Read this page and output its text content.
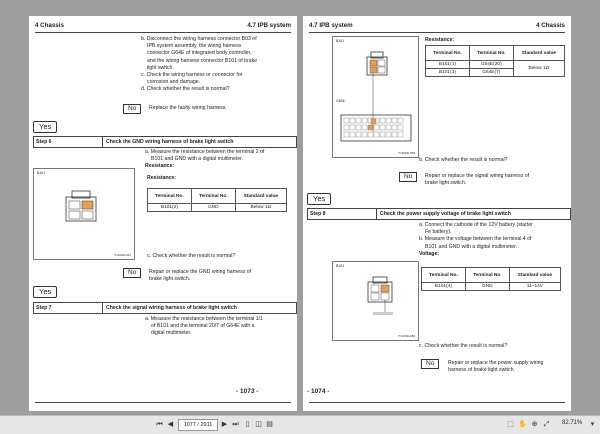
4 Chassis	4.7 IPB system

b. Disconnect the wiring harness connector B03 of

IPB system assembly, the wiring harness

connector G64E of integrated body controller,

and the wiring harness connector B101 of brake

light switch.

c. Check the wiring harness or connector for

corrosion and damage.

d. Check whether the result is normal?

No	Replace the faulty wiring harness.
Yes
Step 6	Check the GND wiring harness of brake light switch

a. Measure the resistance between the terminal 2 of

B101 and GND with a digital multimeter.

Resistance:

B101
T=4001H.B1
Resistance:
Terminal No.	Terminal No.	Standard value
B101(2)	GND	Below 1Ω
c. Check whether the result is normal?
No	Repair or replace the GND wiring harness of

brake light switch.

Yes
Step 7	Check the signal wiring harness of brake light switch

a. Measure the resistance between the terminal 1/1

of B101 and the terminal 20/7 of G64E with a

digital multimeter.

- 1073 -
4.7 IPB system	4 Chassis
B101
G64E
T=4001H.B2
Resistance:
Terminal No.	Terminal No.	Standard value
B101(1)	G64E(20)	Below 1Ω
B101(3)	G64E(7)	
b. Check whether the result is normal?
No	Repair or replace the signal wiring harness of

brake light switch.

Yes
Step 8	Check the power supply voltage of brake light switch

a. Connect the cathode of the 12V battery (starter

Fe battery).

b. Measure the voltage between the terminal 4 of

B101 and GND with a digital multimeter.

Voltage:

Terminal No.	Terminal No.	Standard value
B101(4)	GND	11~14V
B101
T=4001H.B3
c. Check whether the result is normal?
No	Repair or replace the power supply wiring

harness of brake light switch.

- 1074 -
⏮ ◀	1077 / 2911	▶ ⏭ ▯ ◫ ▤	⬚ ✋ ⊕ ⤢ 82.71%	▾
